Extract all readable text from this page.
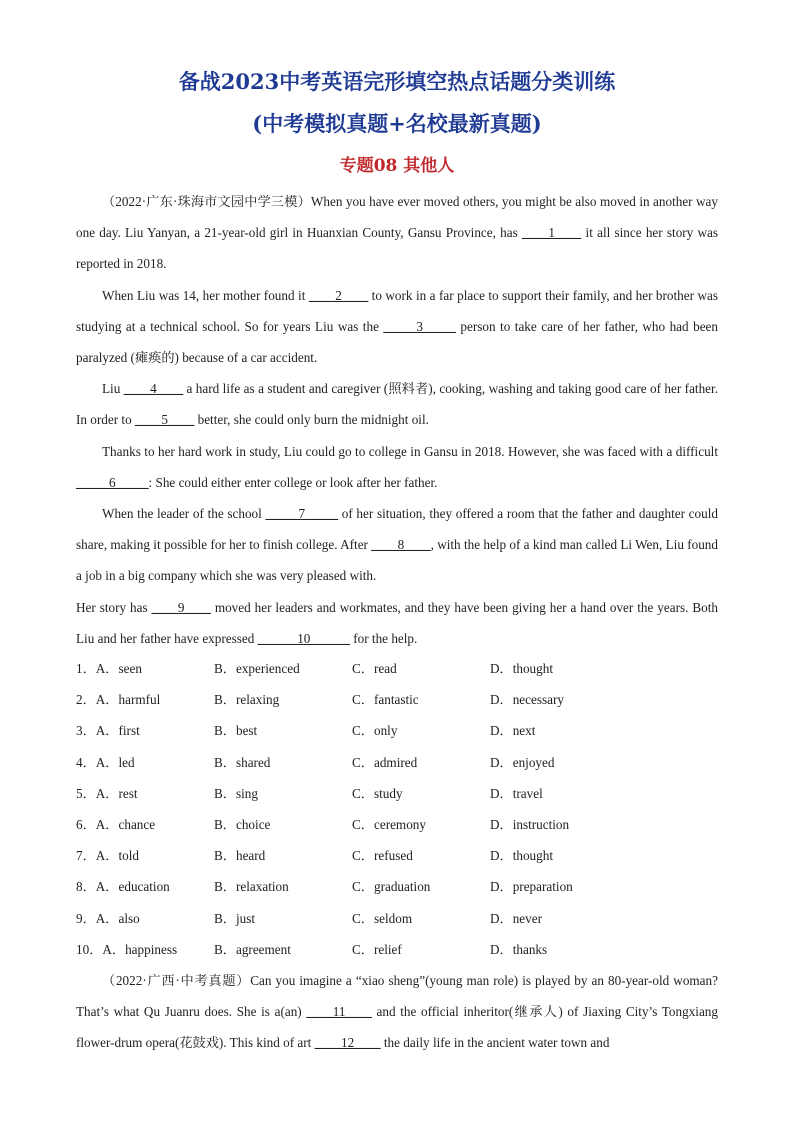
备战2023中考英语完形填空热点话题分类训练
(中考模拟真题+名校最新真题)
专题08 其他人

（2022·广东·珠海市文园中学三模）When you have ever moved others, you might be also moved in another way one day. Liu Yanyan, a 21-year-old girl in Huanxian County, Gansu Province, has ____1____ it all since her story was reported in 2018.

When Liu was 14, her mother found it ____2____ to work in a far place to support their family, and her brother was studying at a technical school. So for years Liu was the _____3_____ person to take care of her father, who had been paralyzed (瘫痪的) because of a car accident.

Liu ____4____ a hard life as a student and caregiver (照料者), cooking, washing and taking good care of her father. In order to ____5____ better, she could only burn the midnight oil.

Thanks to her hard work in study, Liu could go to college in Gansu in 2018. However, she was faced with a difficult _____6_____: She could either enter college or look after her father.

When the leader of the school _____7_____ of her situation, they offered a room that the father and daughter could share, making it possible for her to finish college. After ____8____, with the help of a kind man called Li Wen, Liu found a job in a big company which she was very pleased with.

Her story has ____9____ moved her leaders and workmates, and they have been giving her a hand over the years. Both Liu and her father have expressed ______10______ for the help.

1．A．seen	B．experienced	C．read	D．thought
2．A．harmful	B．relaxing	C．fantastic	D．necessary
3．A．first	B．best	C．only	D．next
4．A．led	B．shared	C．admired	D．enjoyed
5．A．rest	B．sing	C．study	D．travel
6．A．chance	B．choice	C．ceremony	D．instruction
7．A．told	B．heard	C．refused	D．thought
8．A．education	B．relaxation	C．graduation	D．preparation
9．A．also	B．just	C．seldom	D．never
10．A．happiness	B．agreement	C．relief	D．thanks

（2022·广西·中考真题）Can you imagine a “xiao sheng”(young man role) is played by an 80-year-old woman? That’s what Qu Juanru does. She is a(an) ____11____ and the official inheritor(继承人) of Jiaxing City’s Tongxiang flower-drum opera(花鼓戏). This kind of art ____12____ the daily life in the ancient water town and
